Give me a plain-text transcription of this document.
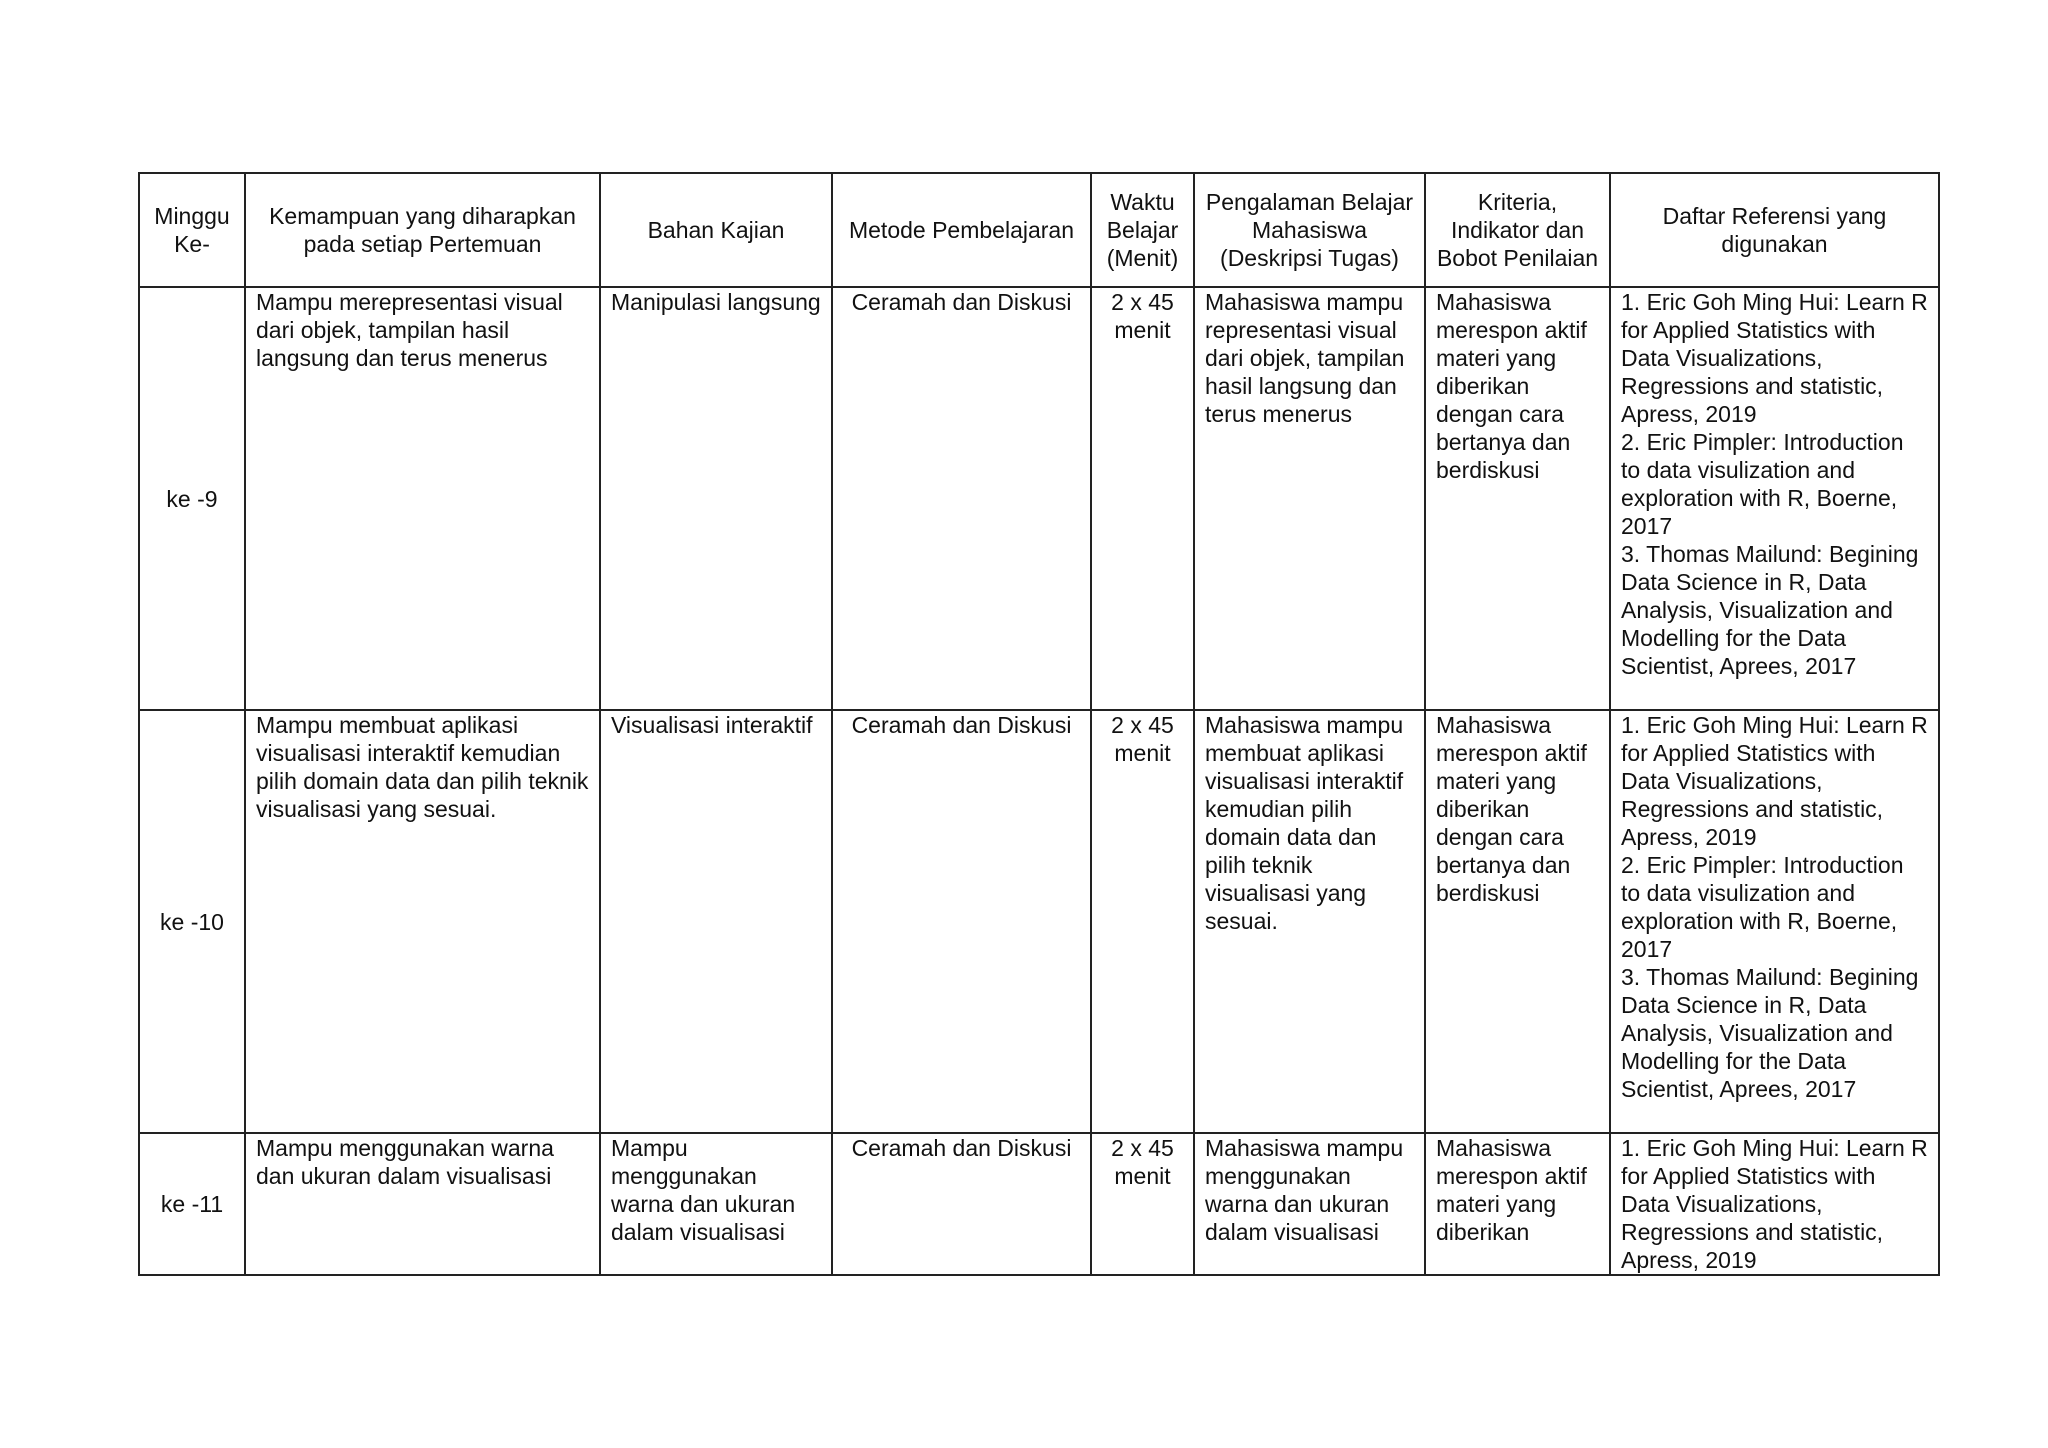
Minggu Ke-	Kemampuan yang diharapkan pada setiap Pertemuan	Bahan Kajian	Metode Pembelajaran	Waktu Belajar (Menit)	Pengalaman Belajar Mahasiswa (Deskripsi Tugas)	Kriteria, Indikator dan Bobot Penilaian	Daftar Referensi yang digunakan
ke -9	Mampu merepresentasi visual dari objek, tampilan hasil langsung dan terus menerus	Manipulasi langsung	Ceramah dan Diskusi	2 x 45 menit	Mahasiswa mampu representasi visual dari objek, tampilan hasil langsung dan terus menerus	Mahasiswa merespon aktif materi yang diberikan dengan cara bertanya dan berdiskusi	1. Eric Goh Ming Hui: Learn R for Applied Statistics with Data Visualizations, Regressions and statistic, Apress, 2019
2. Eric Pimpler: Introduction to data visulization and exploration with R, Boerne, 2017
3. Thomas Mailund: Begining Data Science in R, Data Analysis, Visualization and Modelling for the Data Scientist, Aprees, 2017

ke -10	Mampu membuat aplikasi visualisasi interaktif kemudian pilih domain data dan pilih teknik visualisasi yang sesuai.	Visualisasi interaktif	Ceramah dan Diskusi	2 x 45 menit	Mahasiswa mampu membuat aplikasi visualisasi interaktif kemudian pilih domain data dan pilih teknik visualisasi yang sesuai.	Mahasiswa merespon aktif materi yang diberikan dengan cara bertanya dan berdiskusi	1. Eric Goh Ming Hui: Learn R for Applied Statistics with Data Visualizations, Regressions and statistic, Apress, 2019
2. Eric Pimpler: Introduction to data visulization and exploration with R, Boerne, 2017
3. Thomas Mailund: Begining Data Science in R, Data Analysis, Visualization and Modelling for the Data Scientist, Aprees, 2017

ke -11	Mampu menggunakan warna dan ukuran dalam visualisasi	Mampu menggunakan warna dan ukuran dalam visualisasi	Ceramah dan Diskusi	2 x 45 menit	Mahasiswa mampu menggunakan warna dan ukuran dalam visualisasi	Mahasiswa merespon aktif materi yang diberikan	1. Eric Goh Ming Hui: Learn R for Applied Statistics with Data Visualizations, Regressions and statistic, Apress, 2019
